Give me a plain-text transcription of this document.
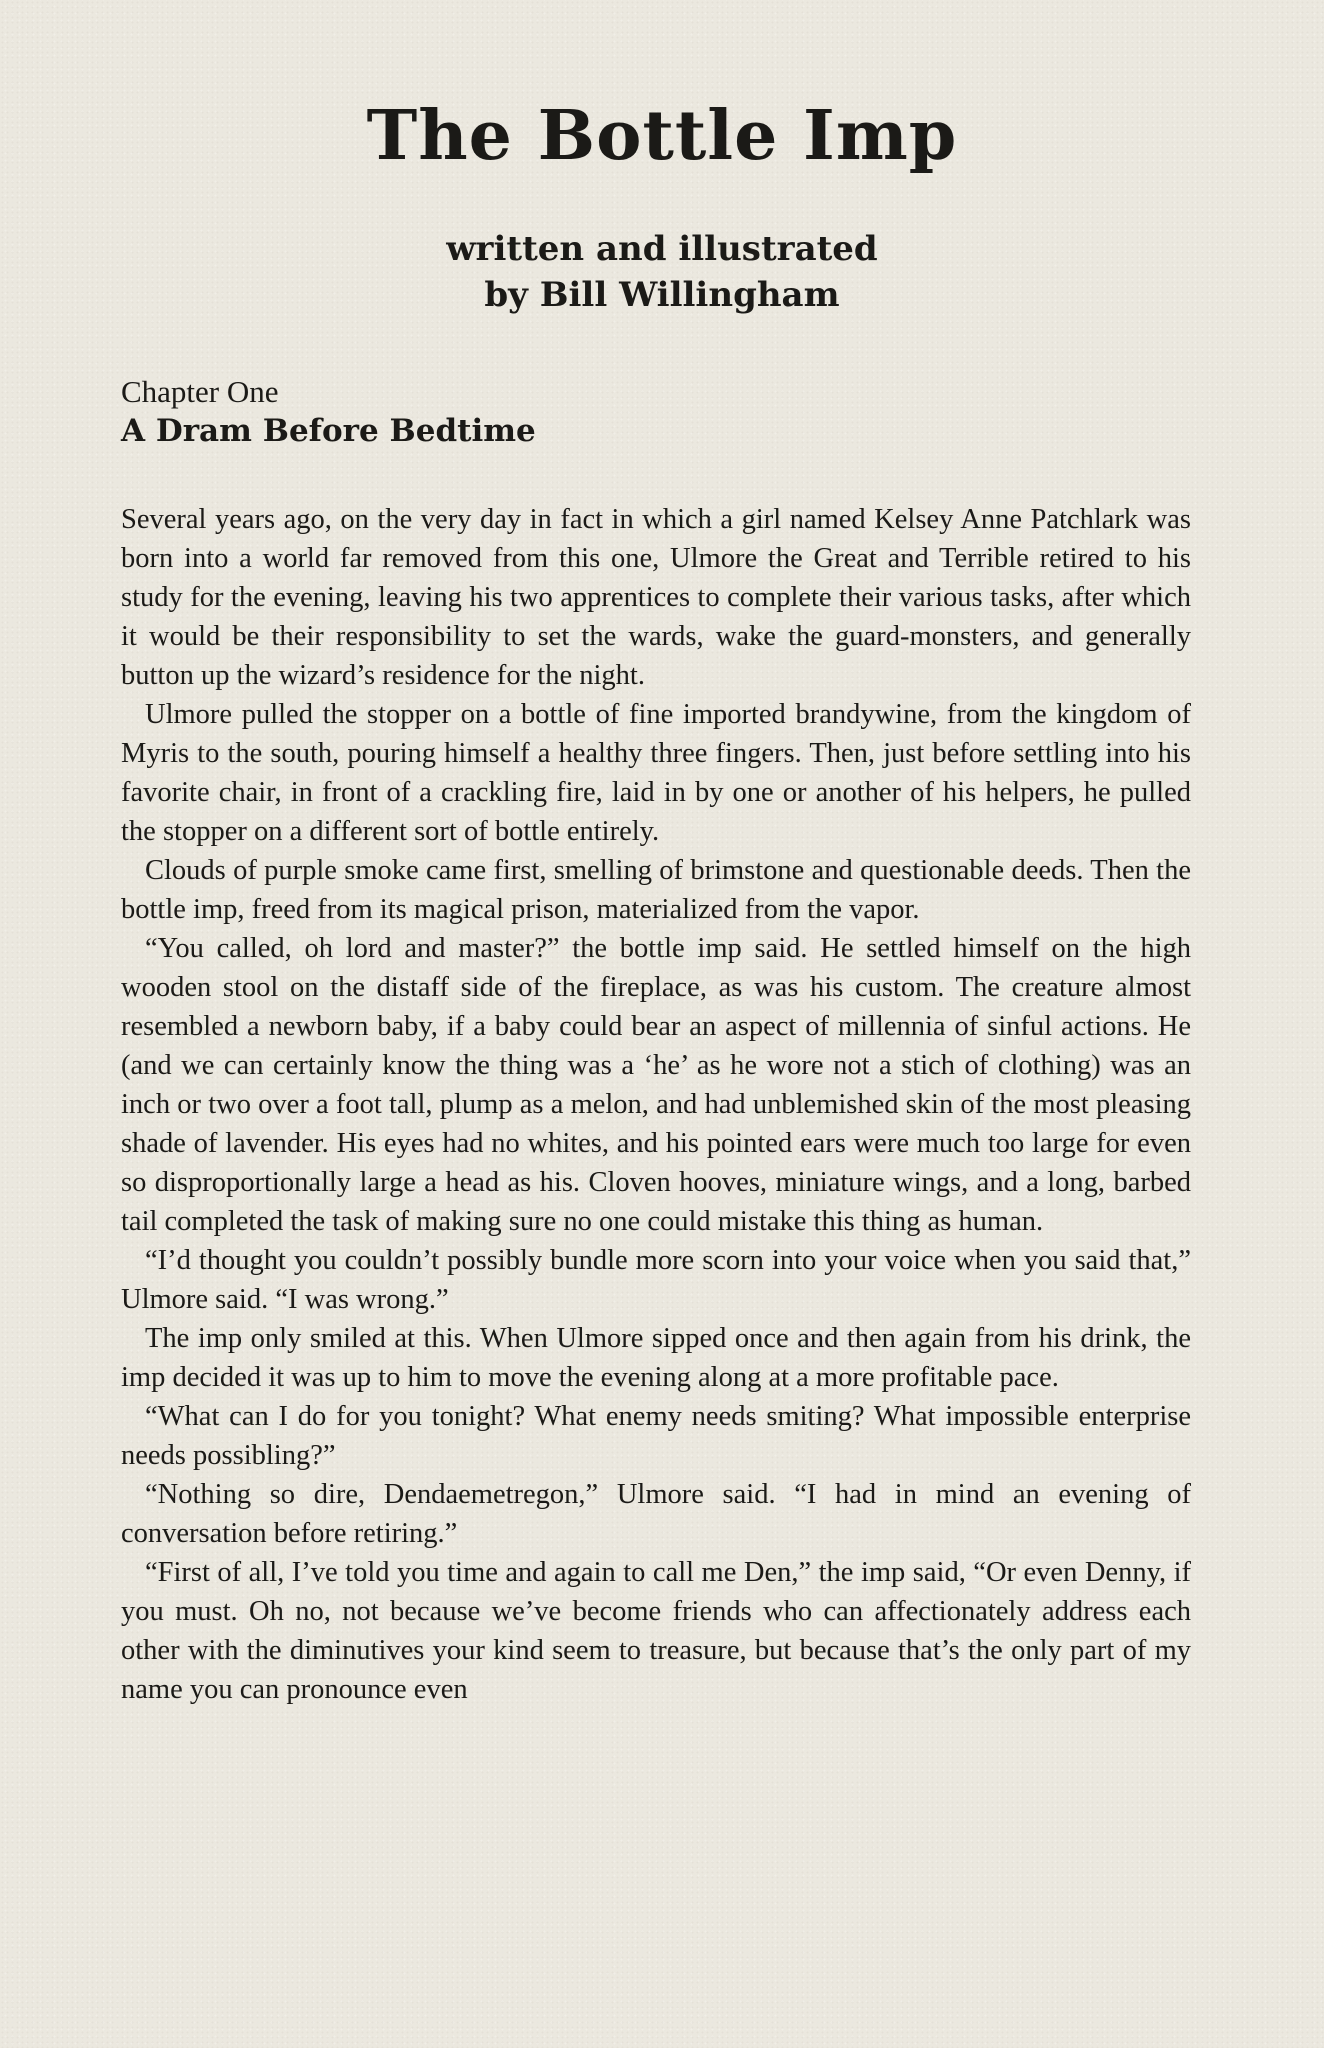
The Bottle Imp
written and illustrated
by Bill Willingham
Chapter One
A Dram Before Bedtime

Several years ago, on the very day in fact in which a girl named Kelsey Anne Patchlark was born into a world far removed from this one, Ulmore the Great and Terrible retired to his study for the evening, leaving his two apprentices to complete their various tasks, after which it would be their responsibility to set the wards, wake the guard-monsters, and generally button up the wizard’s residence for the night.

Ulmore pulled the stopper on a bottle of fine imported brandywine, from the kingdom of Myris to the south, pouring himself a healthy three fingers. Then, just before settling into his favorite chair, in front of a crackling fire, laid in by one or another of his helpers, he pulled the stopper on a different sort of bottle entirely.

Clouds of purple smoke came first, smelling of brimstone and questionable deeds. Then the bottle imp, freed from its magical prison, materialized from the vapor.

“You called, oh lord and master?” the bottle imp said. He settled himself on the high wooden stool on the distaff side of the fireplace, as was his custom. The creature almost resembled a newborn baby, if a baby could bear an aspect of millennia of sinful actions. He (and we can certainly know the thing was a ‘he’ as he wore not a stich of clothing) was an inch or two over a foot tall, plump as a melon, and had unblemished skin of the most pleasing shade of lavender. His eyes had no whites, and his pointed ears were much too large for even so disproportionally large a head as his. Cloven hooves, miniature wings, and a long, barbed tail completed the task of making sure no one could mistake this thing as human.

“I’d thought you couldn’t possibly bundle more scorn into your voice when you said that,” Ulmore said. “I was wrong.”

The imp only smiled at this. When Ulmore sipped once and then again from his drink, the imp decided it was up to him to move the evening along at a more profitable pace.

“What can I do for you tonight? What enemy needs smiting? What impossible enterprise needs possibling?”

“Nothing so dire, Dendaemetregon,” Ulmore said. “I had in mind an evening of conversation before retiring.”

“First of all, I’ve told you time and again to call me Den,” the imp said, “Or even Denny, if you must. Oh no, not because we’ve become friends who can affectionately address each other with the diminutives your kind seem to treasure, but because that’s the only part of my name you can pronounce even
